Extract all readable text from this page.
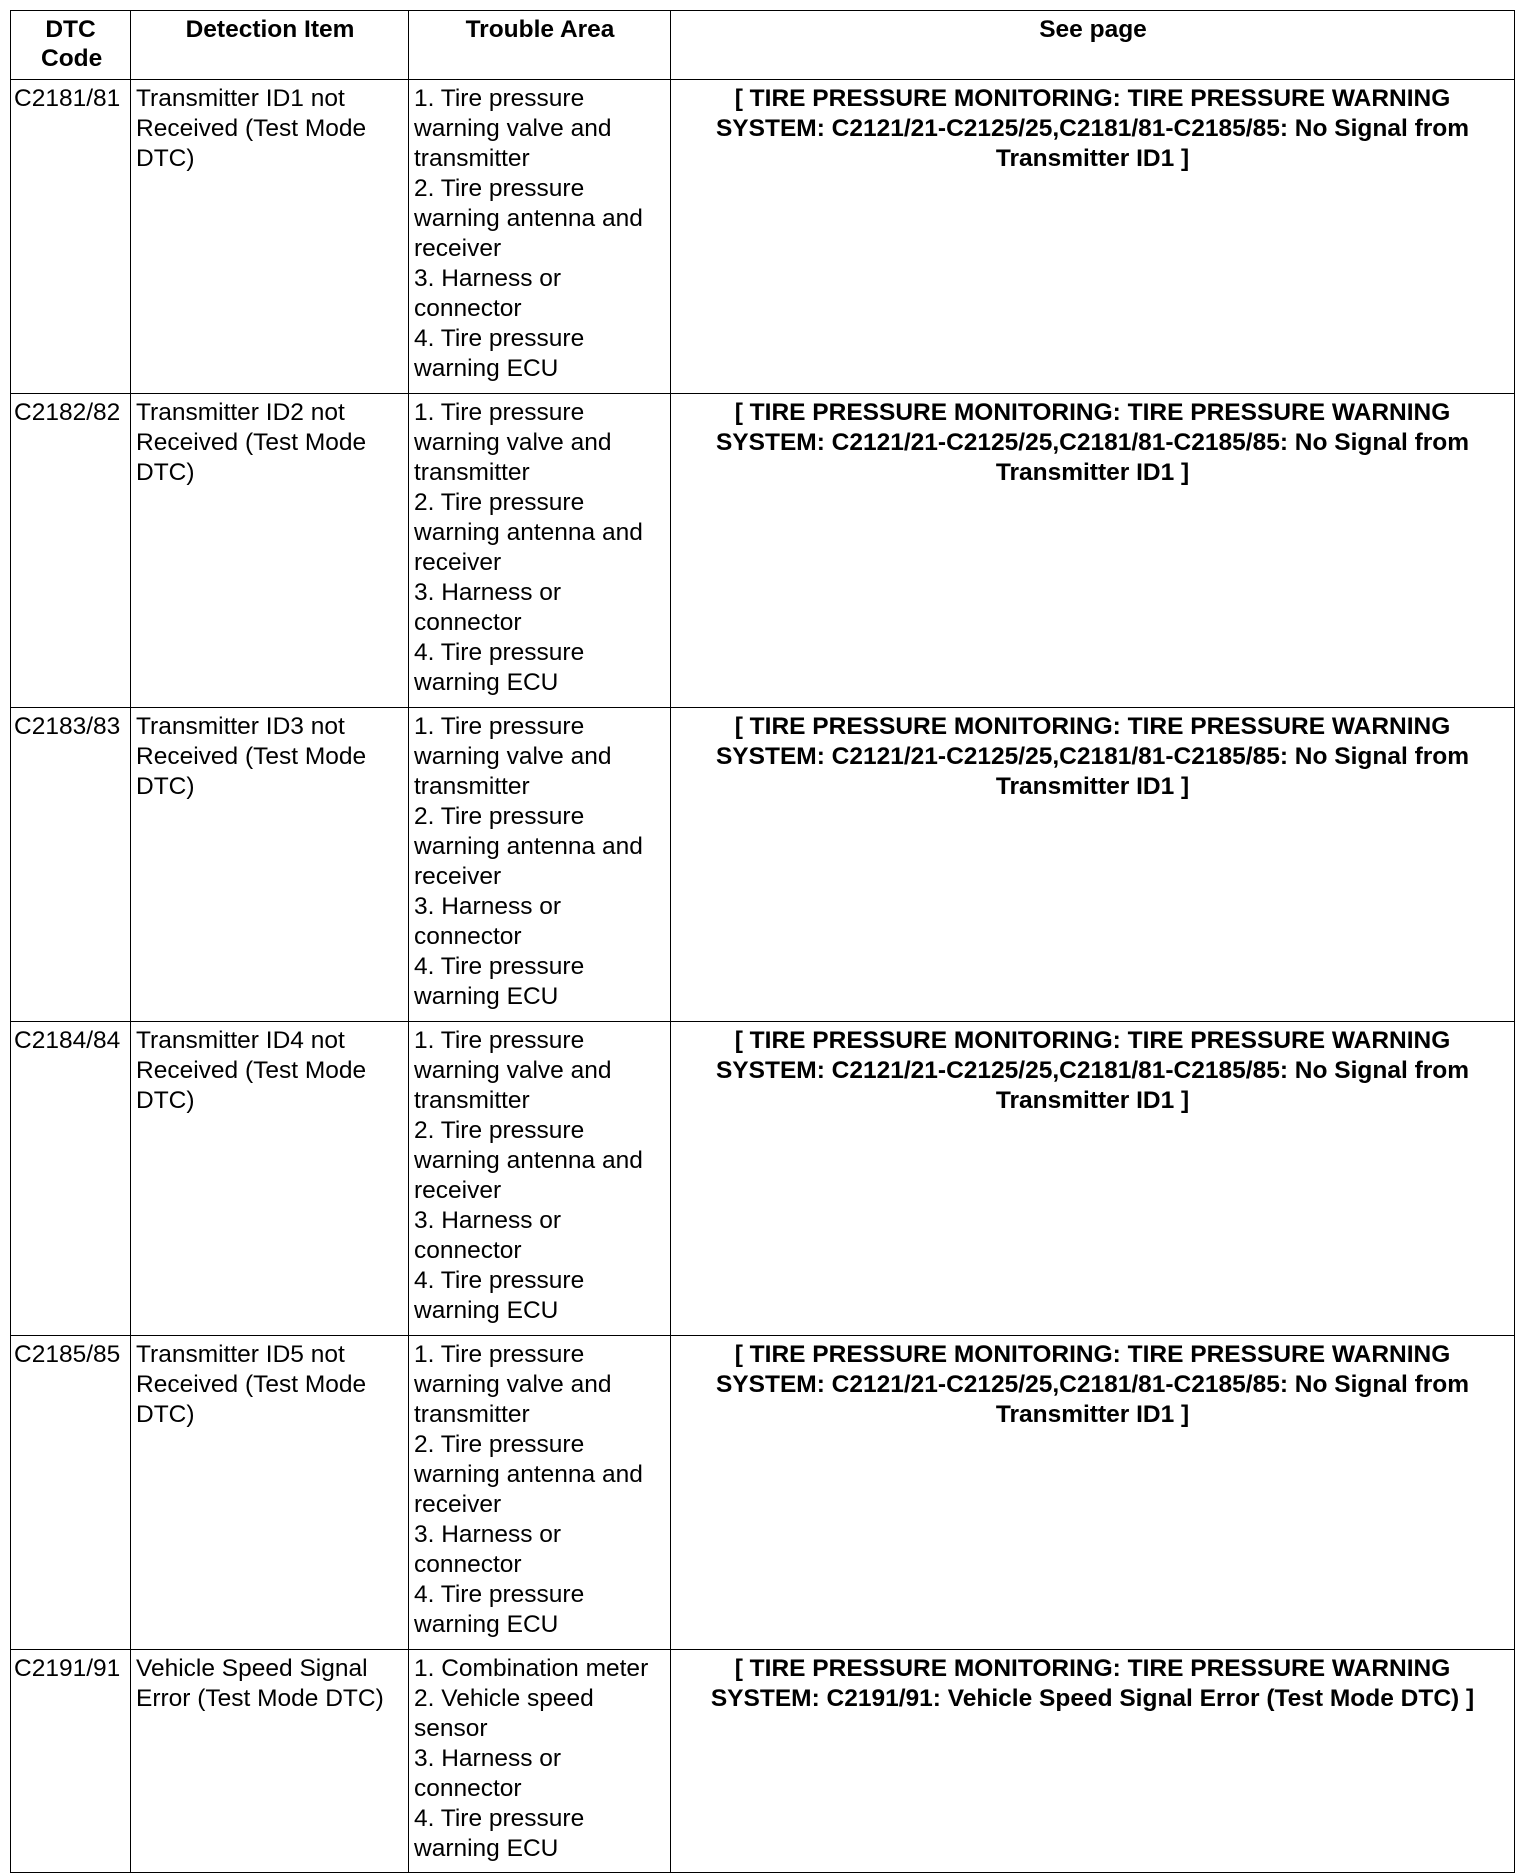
DTC Code	Detection Item	Trouble Area	See page
C2181/81	Transmitter ID1 not Received (Test Mode DTC)	1. Tire pressure warning valve and transmitter
2. Tire pressure warning antenna and receiver
3. Harness or connector
4. Tire pressure warning ECU	[ TIRE PRESSURE MONITORING: TIRE PRESSURE WARNING SYSTEM: C2121/21-C2125/25,C2181/81-C2185/85: No Signal from Transmitter ID1 ]
C2182/82	Transmitter ID2 not Received (Test Mode DTC)	1. Tire pressure warning valve and transmitter
2. Tire pressure warning antenna and receiver
3. Harness or connector
4. Tire pressure warning ECU	[ TIRE PRESSURE MONITORING: TIRE PRESSURE WARNING SYSTEM: C2121/21-C2125/25,C2181/81-C2185/85: No Signal from Transmitter ID1 ]
C2183/83	Transmitter ID3 not Received (Test Mode DTC)	1. Tire pressure warning valve and transmitter
2. Tire pressure warning antenna and receiver
3. Harness or connector
4. Tire pressure warning ECU	[ TIRE PRESSURE MONITORING: TIRE PRESSURE WARNING SYSTEM: C2121/21-C2125/25,C2181/81-C2185/85: No Signal from Transmitter ID1 ]
C2184/84	Transmitter ID4 not Received (Test Mode DTC)	1. Tire pressure warning valve and transmitter
2. Tire pressure warning antenna and receiver
3. Harness or connector
4. Tire pressure warning ECU	[ TIRE PRESSURE MONITORING: TIRE PRESSURE WARNING SYSTEM: C2121/21-C2125/25,C2181/81-C2185/85: No Signal from Transmitter ID1 ]
C2185/85	Transmitter ID5 not Received (Test Mode DTC)	1. Tire pressure warning valve and transmitter
2. Tire pressure warning antenna and receiver
3. Harness or connector
4. Tire pressure warning ECU	[ TIRE PRESSURE MONITORING: TIRE PRESSURE WARNING SYSTEM: C2121/21-C2125/25,C2181/81-C2185/85: No Signal from Transmitter ID1 ]
C2191/91	Vehicle Speed Signal Error (Test Mode DTC)	1. Combination meter
2. Vehicle speed sensor
3. Harness or connector
4. Tire pressure warning ECU	[ TIRE PRESSURE MONITORING: TIRE PRESSURE WARNING SYSTEM: C2191/91: Vehicle Speed Signal Error (Test Mode DTC) ]
